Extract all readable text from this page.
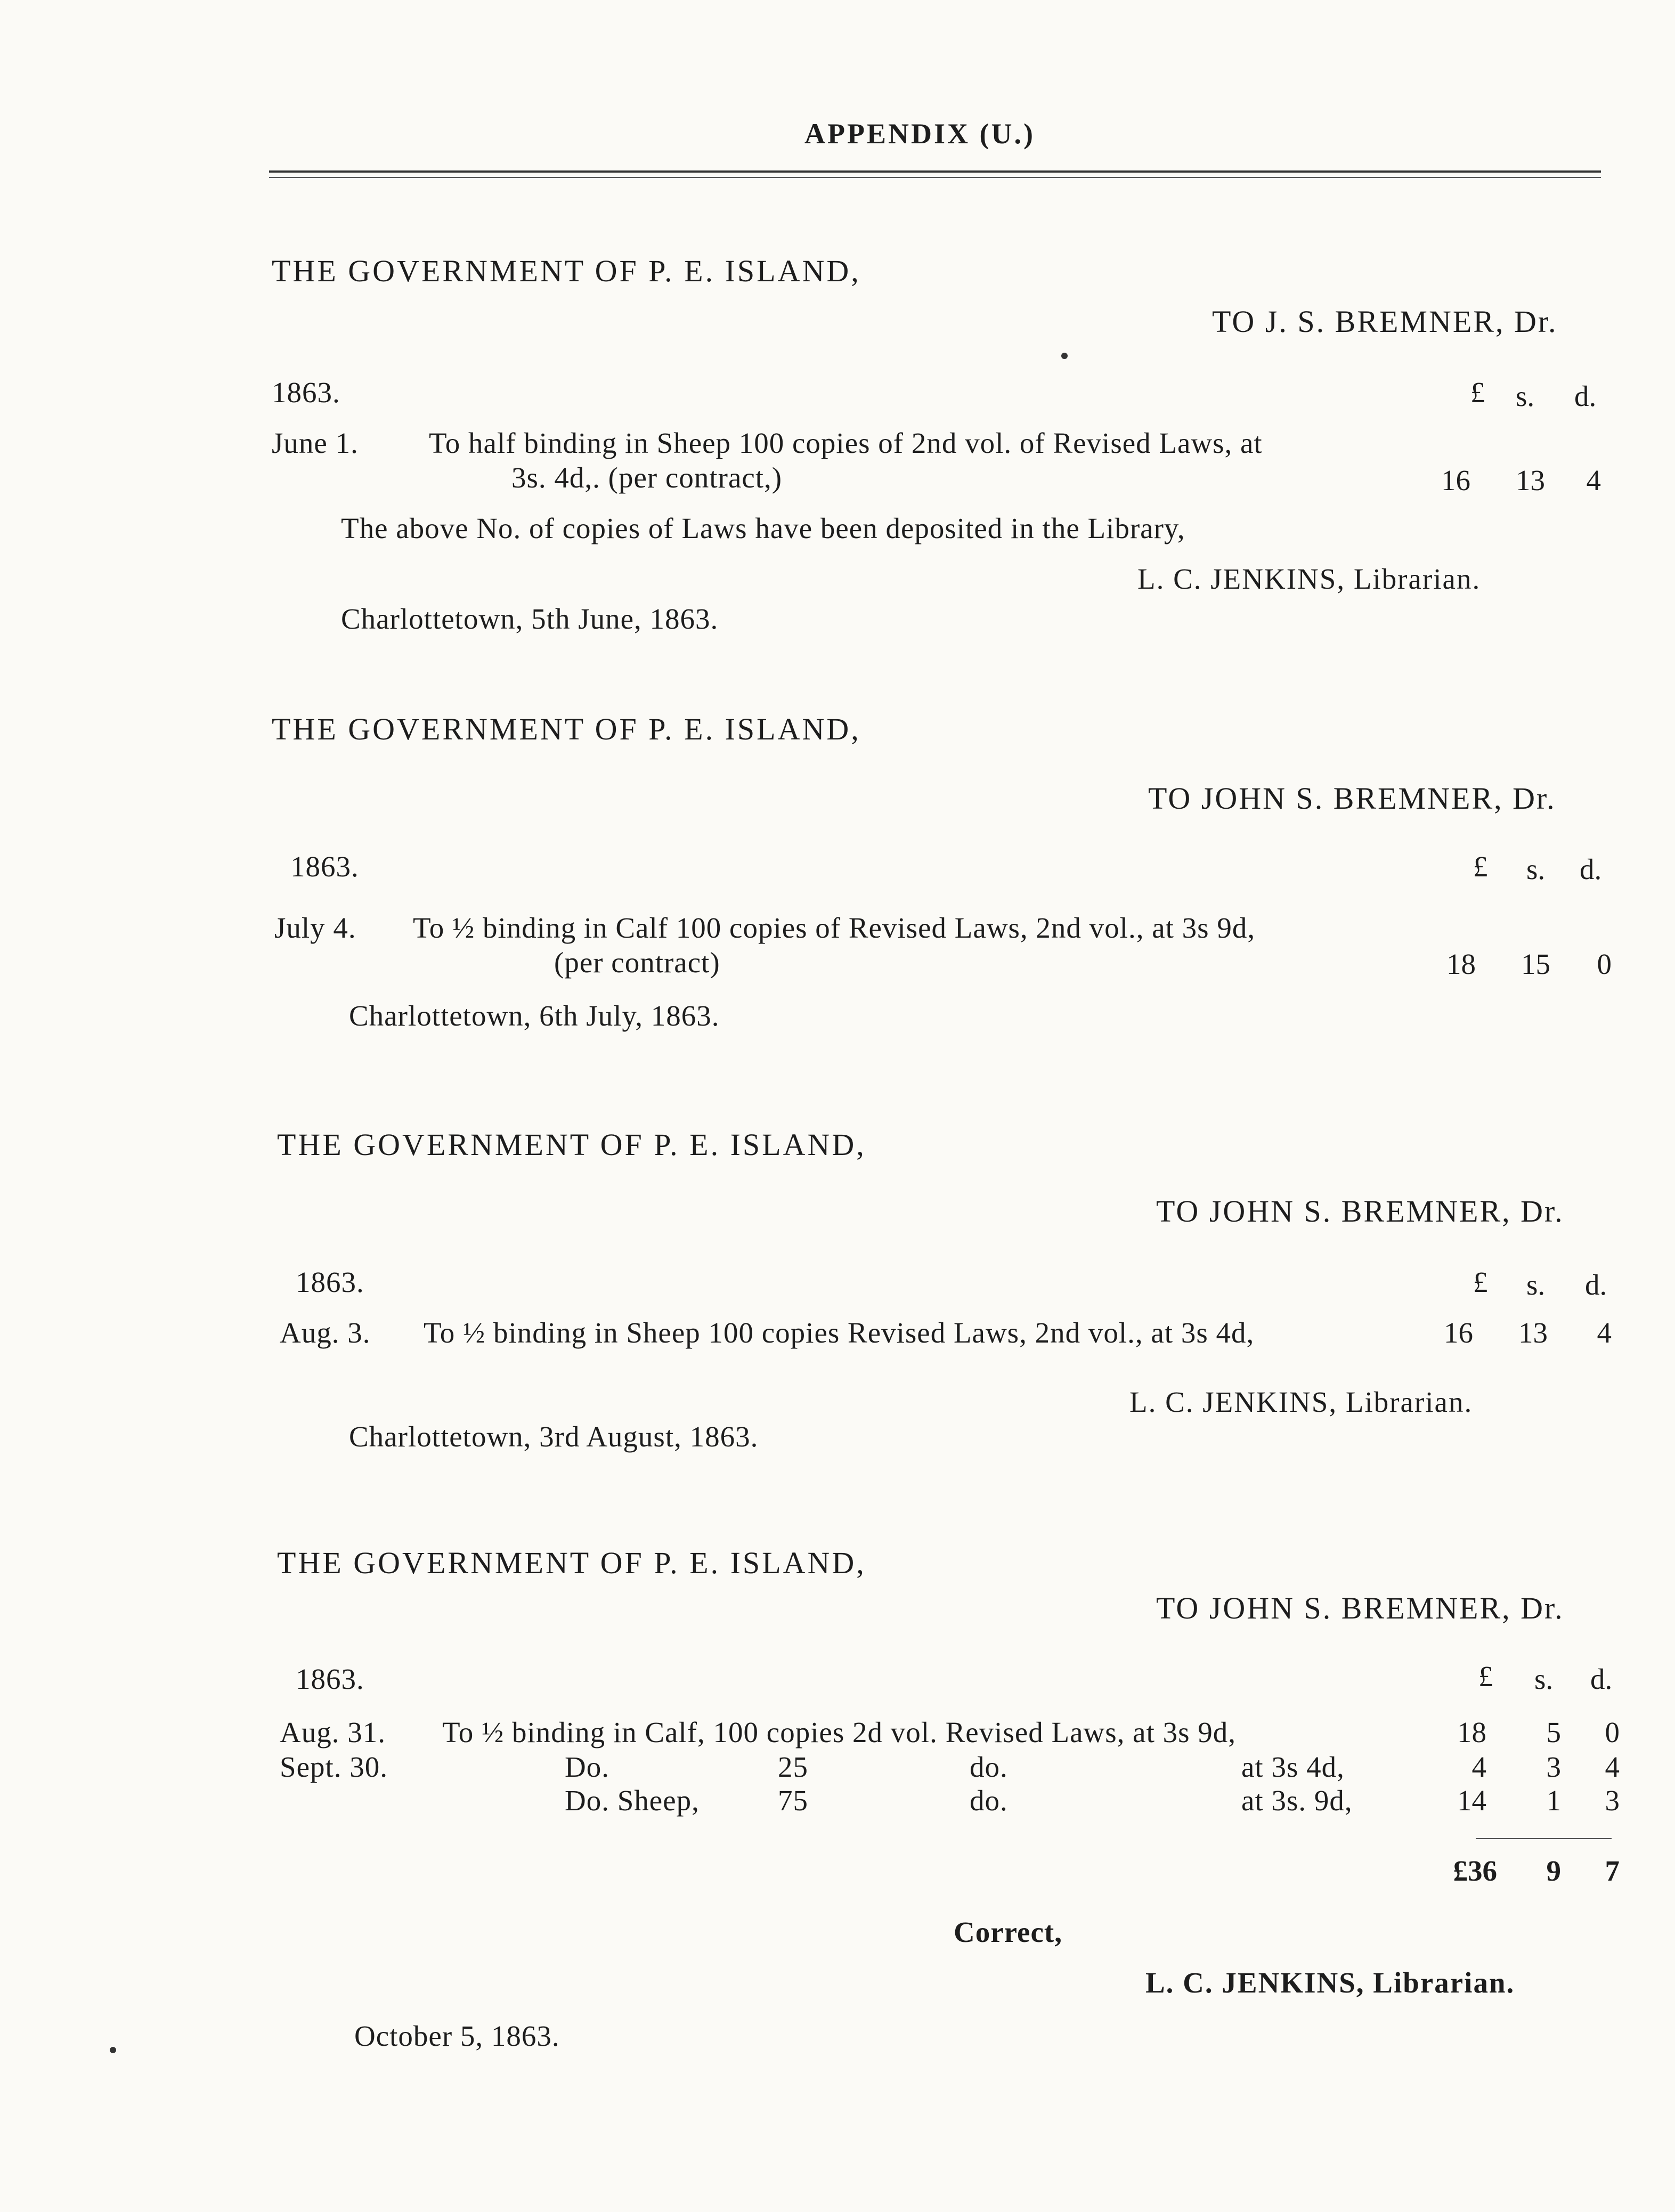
APPENDIX (U.)
THE GOVERNMENT OF P. E. ISLAND,
TO J. S. BREMNER, Dr.
1863.	£ s. d.
June 1. To half binding in Sheep 100 copies of 2nd vol. of Revised Laws, at
3s. 4d,. (per contract,)	16	13	4
The above No. of copies of Laws have been deposited in the Library,
L. C. JENKINS, Librarian.
Charlottetown, 5th June, 1863.
THE GOVERNMENT OF P. E. ISLAND,
TO JOHN S. BREMNER, Dr.
1863.	£ s. d.
July 4. To ½ binding in Calf 100 copies of Revised Laws, 2nd vol., at 3s 9d,
(per contract)	18	15	0
Charlottetown, 6th July, 1863.
THE GOVERNMENT OF P. E. ISLAND,
TO JOHN S. BREMNER, Dr.
1863.	£ s. d.
Aug. 3. To ½ binding in Sheep 100 copies Revised Laws, 2nd vol., at 3s 4d,	16	13	4
L. C. JENKINS, Librarian.
Charlottetown, 3rd August, 1863.
THE GOVERNMENT OF P. E. ISLAND,
TO JOHN S. BREMNER, Dr.
1863.	£ s. d.
Aug. 31. To ½ binding in Calf, 100 copies 2d vol. Revised Laws, at 3s 9d,	18	5	0
Sept. 30.	Do.	25	do.	at 3s 4d,	4	3	4
Do. Sheep,	75	do.	at 3s. 9d,	14	1	3
£36	9	7
Correct,
L. C. JENKINS, Librarian.
October 5, 1863.
